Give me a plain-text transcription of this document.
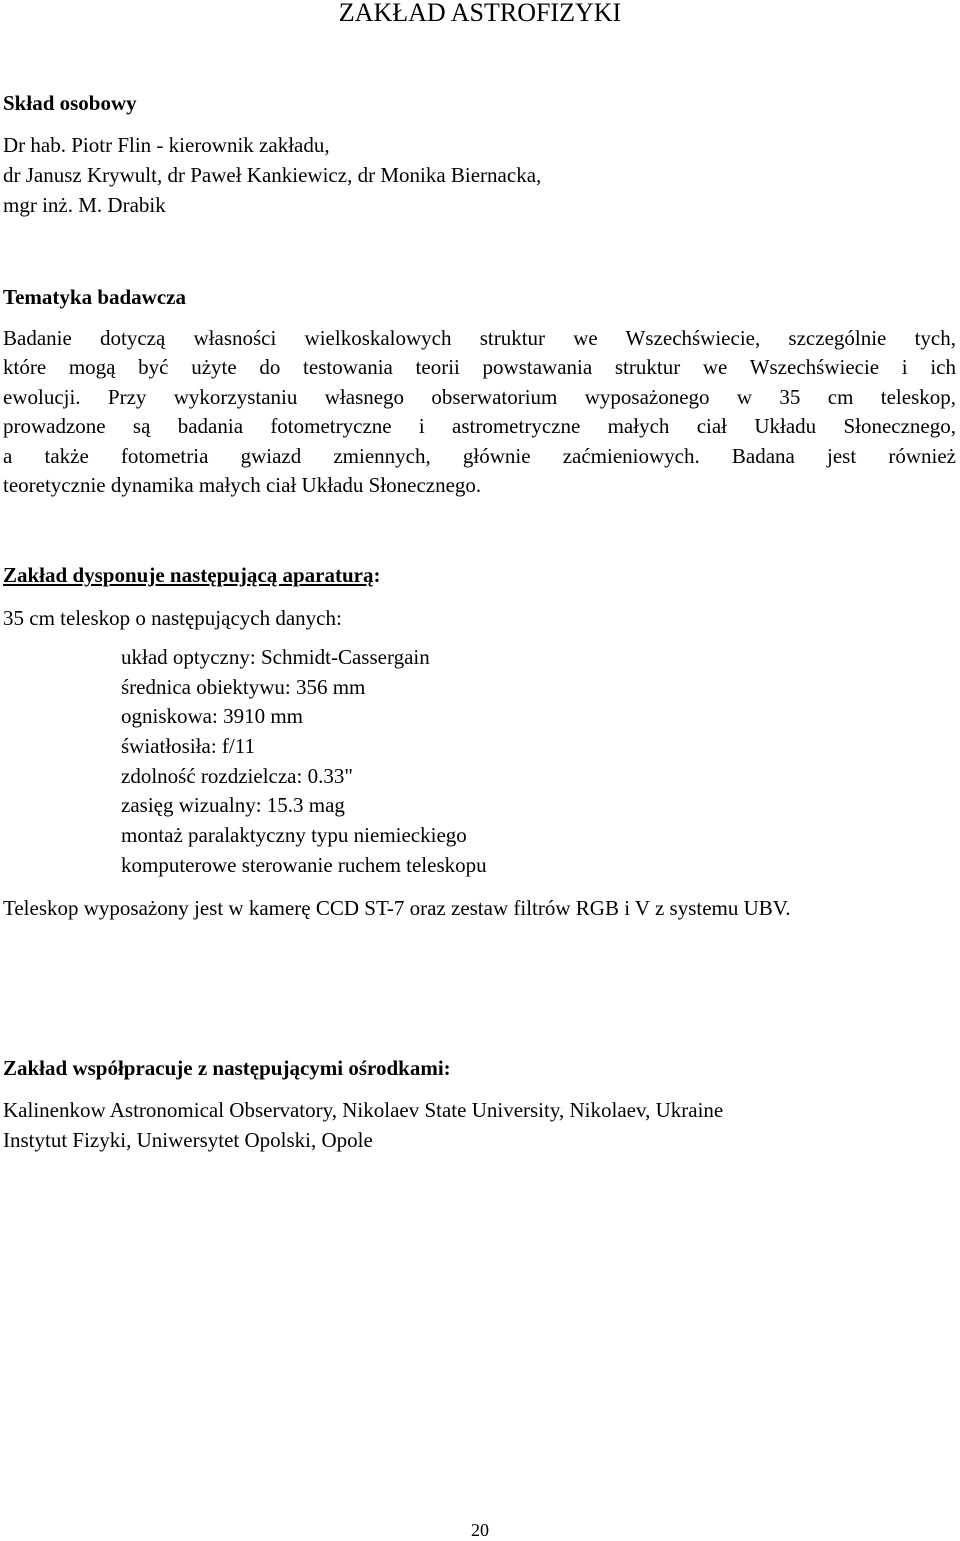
ZAKŁAD ASTROFIZYKI
Skład osobowy
Dr hab. Piotr Flin - kierownik zakładu,
dr Janusz Krywult, dr Paweł Kankiewicz, dr Monika Biernacka,
mgr inż. M. Drabik
Tematyka badawcza
Badanie dotyczą własności wielkoskalowych struktur we Wszechświecie, szczególnie tych,
które mogą być użyte do testowania teorii powstawania struktur we Wszechświecie i ich
ewolucji. Przy wykorzystaniu własnego obserwatorium wyposażonego w 35 cm teleskop,
prowadzone są badania fotometryczne i astrometryczne małych ciał Układu Słonecznego,
a także fotometria gwiazd zmiennych, głównie zaćmieniowych. Badana jest również
teoretycznie dynamika małych ciał Układu Słonecznego.
Zakład dysponuje następującą aparaturą:
35 cm teleskop o następujących danych:
układ optyczny: Schmidt-Cassergain
średnica obiektywu: 356 mm
ogniskowa: 3910 mm
światłosiła: f/11
zdolność rozdzielcza: 0.33"
zasięg wizualny: 15.3 mag
montaż paralaktyczny typu niemieckiego
komputerowe sterowanie ruchem teleskopu
Teleskop wyposażony jest w kamerę CCD ST-7 oraz zestaw filtrów RGB i V z systemu UBV.
Zakład współpracuje z następującymi ośrodkami:
Kalinenkow Astronomical Observatory, Nikolaev State University, Nikolaev, Ukraine
Instytut Fizyki, Uniwersytet Opolski, Opole
20
